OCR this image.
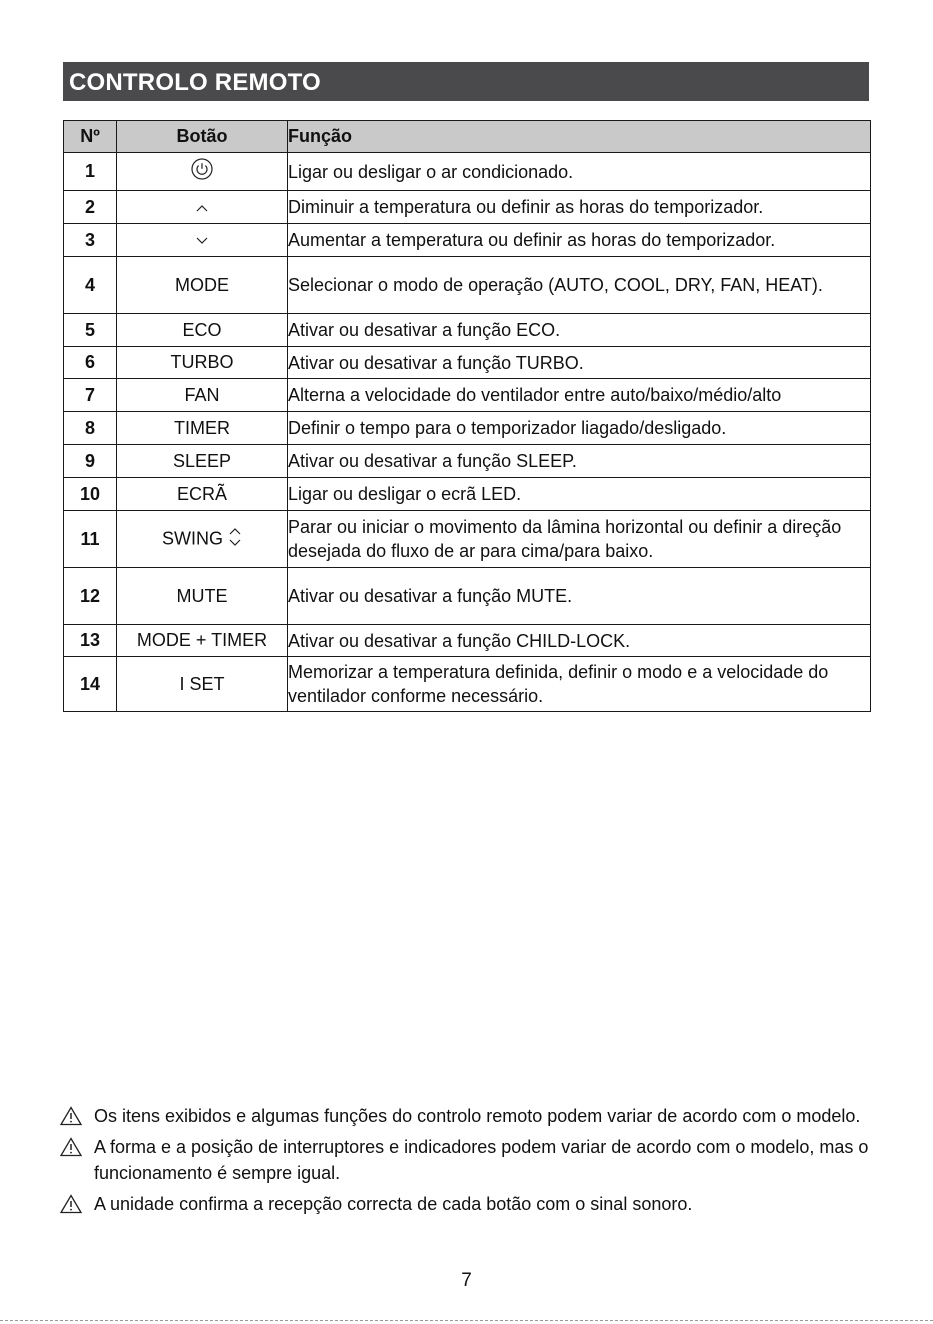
CONTROLO REMOTO
Nº	Botão	Função
1		Ligar ou desligar o ar condicionado.
2		Diminuir a temperatura ou definir as horas do temporizador.
3		Aumentar a temperatura ou definir as horas do temporizador.
4	MODE	Selecionar o modo de operação (AUTO, COOL, DRY, FAN, HEAT).
5	ECO	Ativar ou desativar a função ECO.
6	TURBO	Ativar ou desativar a função TURBO.
7	FAN	Alterna a velocidade do ventilador entre auto/baixo/médio/alto
8	TIMER	Definir o tempo para o temporizador liagado/desligado.
9	SLEEP	Ativar ou desativar a função SLEEP.
10	ECRÃ	Ligar ou desligar o ecrã LED.
11	SWING	Parar ou iniciar o movimento da lâmina horizontal ou definir a direção desejada do fluxo de ar para cima/para baixo.
12	MUTE	Ativar ou desativar a função MUTE.
13	MODE + TIMER	Ativar ou desativar a função CHILD-LOCK.
14	I SET	Memorizar a temperatura definida, definir o modo e a velocidade do ventilador conforme necessário.
Os itens exibidos e algumas funções do controlo remoto podem variar de acordo com o modelo.
A forma e a posição de interruptores e indicadores podem variar de acordo com o modelo, mas o funcionamento é sempre igual.
A unidade confirma a recepção correcta de cada botão com o sinal sonoro.
7
